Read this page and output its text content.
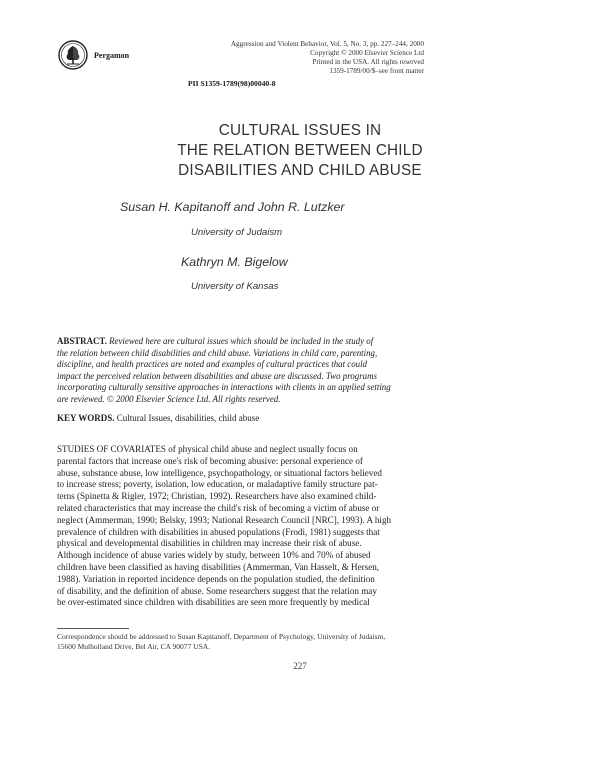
Pergamon
Aggression and Violent Behavior, Vol. 5, No. 3, pp. 227–244, 2000
Copyright © 2000 Elsevier Science Ltd
Printed in the USA. All rights reserved
1359-1789/00/$–see front matter
PII S1359-1789(98)00040-8
CULTURAL ISSUES IN
THE RELATION BETWEEN CHILD
DISABILITIES AND CHILD ABUSE
Susan H. Kapitanoff and John R. Lutzker
University of Judaism
Kathryn M. Bigelow
University of Kansas
ABSTRACT. Reviewed here are cultural issues which should be included in the study of
the relation between child disabilities and child abuse. Variations in child care, parenting,
discipline, and health practices are noted and examples of cultural practices that could
impact the perceived relation between disabilities and abuse are discussed. Two programs
incorporating culturally sensitive approaches in interactions with clients in an applied setting
are reviewed. © 2000 Elsevier Science Ltd. All rights reserved.
KEY WORDS. Cultural Issues, disabilities, child abuse
STUDIES OF COVARIATES of physical child abuse and neglect usually focus on
parental factors that increase one's risk of becoming abusive: personal experience of
abuse, substance abuse, low intelligence, psychopathology, or situational factors believed
to increase stress; poverty, isolation, low education, or maladaptive family structure pat-
terns (Spinetta & Rigler, 1972; Christian, 1992). Researchers have also examined child-
related characteristics that may increase the child's risk of becoming a victim of abuse or
neglect (Ammerman, 1990; Belsky, 1993; National Research Council [NRC], 1993). A high
prevalence of children with disabilities in abused populations (Frodi, 1981) suggests that
physical and developmental disabilities in children may increase their risk of abuse.
Although incidence of abuse varies widely by study, between 10% and 70% of abused
children have been classified as having disabilities (Ammerman, Van Hasselt, & Hersen,
1988). Variation in reported incidence depends on the population studied, the definition
of disability, and the definition of abuse. Some researchers suggest that the relation may
be over-estimated since children with disabilities are seen more frequently by medical
Correspondence should be addressed to Susan Kapitanoff, Department of Psychology, University of Judaism,
15600 Mulholland Drive, Bel Air, CA 90077 USA.
227
